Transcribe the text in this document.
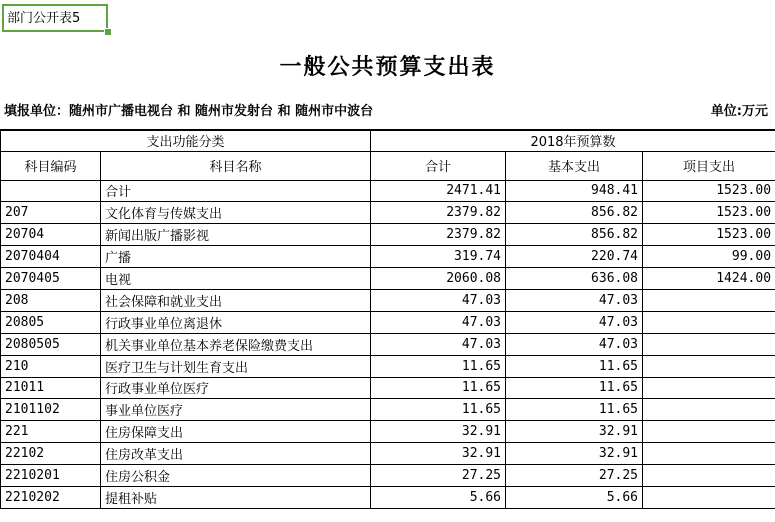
部门公开表5
一般公共预算支出表
填报单位：随州市广播电视台 和 随州市发射台 和 随州市中波台	单位:万元
支出功能分类		2018年预算数		
科目编码	科目名称	合计	基本支出	项目支出
	合计	2471.41	948.41	1523.00
207	文化体育与传媒支出	2379.82	856.82	1523.00
20704	新闻出版广播影视	2379.82	856.82	1523.00
2070404	广播	319.74	220.74	99.00
2070405	电视	2060.08	636.08	1424.00
208	社会保障和就业支出	47.03	47.03	
20805	行政事业单位离退休	47.03	47.03	
2080505	机关事业单位基本养老保险缴费支出	47.03	47.03	
210	医疗卫生与计划生育支出	11.65	11.65	
21011	行政事业单位医疗	11.65	11.65	
2101102	事业单位医疗	11.65	11.65	
221	住房保障支出	32.91	32.91	
22102	住房改革支出	32.91	32.91	
2210201	住房公积金	27.25	27.25	
2210202	提租补贴	5.66	5.66	
